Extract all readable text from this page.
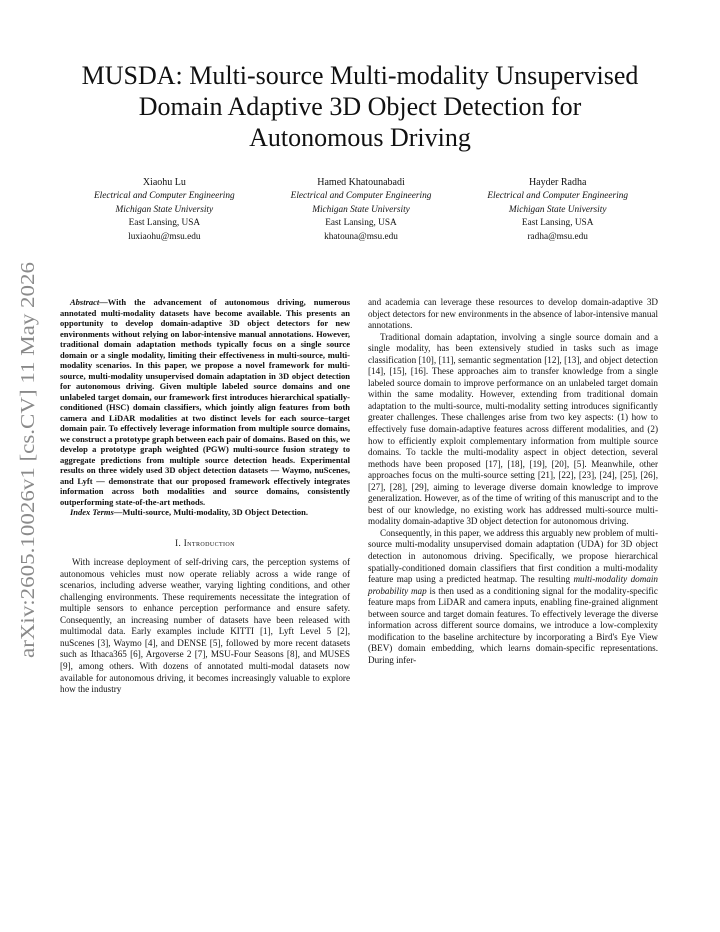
arXiv:2605.10026v1 [cs.CV] 11 May 2026
MUSDA: Multi-source Multi-modality Unsupervised Domain Adaptive 3D Object Detection for Autonomous Driving
Xiaohu Lu
Electrical and Computer Engineering
Michigan State University
East Lansing, USA
luxiaohu@msu.edu
Hamed Khatounabadi
Electrical and Computer Engineering
Michigan State University
East Lansing, USA
khatouna@msu.edu
Hayder Radha
Electrical and Computer Engineering
Michigan State University
East Lansing, USA
radha@msu.edu

Abstract—With the advancement of autonomous driving, numerous annotated multi-modality datasets have become available. This presents an opportunity to develop domain-adaptive 3D object detectors for new environments without relying on labor-intensive manual annotations. However, traditional domain adaptation methods typically focus on a single source domain or a single modality, limiting their effectiveness in multi-source, multi-modality scenarios. In this paper, we propose a novel framework for multi-source, multi-modality unsupervised domain adaptation in 3D object detection for autonomous driving. Given multiple labeled source domains and one unlabeled target domain, our framework first introduces hierarchical spatially-conditioned (HSC) domain classifiers, which jointly align features from both camera and LiDAR modalities at two distinct levels for each source–target domain pair. To effectively leverage information from multiple source domains, we construct a prototype graph between each pair of domains. Based on this, we develop a prototype graph weighted (PGW) multi-source fusion strategy to aggregate predictions from multiple source detection heads. Experimental results on three widely used 3D object detection datasets — Waymo, nuScenes, and Lyft — demonstrate that our proposed framework effectively integrates information across both modalities and source domains, consistently outperforming state-of-the-art methods.

Index Terms—Multi-source, Multi-modality, 3D Object Detection.

I. Introduction

With increase deployment of self-driving cars, the perception systems of autonomous vehicles must now operate reliably across a wide range of scenarios, including adverse weather, varying lighting conditions, and other challenging environments. These requirements necessitate the integration of multiple sensors to enhance perception performance and ensure safety. Consequently, an increasing number of datasets have been released with multimodal data. Early examples include KITTI [1], Lyft Level 5 [2], nuScenes [3], Waymo [4], and DENSE [5], followed by more recent datasets such as Ithaca365 [6], Argoverse 2 [7], MSU-Four Seasons [8], and MUSES [9], among others. With dozens of annotated multi-modal datasets now available for autonomous driving, it becomes increasingly valuable to explore how the industry

and academia can leverage these resources to develop domain-adaptive 3D object detectors for new environments in the absence of labor-intensive manual annotations.

Traditional domain adaptation, involving a single source domain and a single modality, has been extensively studied in tasks such as image classification [10], [11], semantic segmentation [12], [13], and object detection [14], [15], [16]. These approaches aim to transfer knowledge from a single labeled source domain to improve performance on an unlabeled target domain within the same modality. However, extending from traditional domain adaptation to the multi-source, multi-modality setting introduces significantly greater challenges. These challenges arise from two key aspects: (1) how to effectively fuse domain-adaptive features across different modalities, and (2) how to efficiently exploit complementary information from multiple source domains. To tackle the multi-modality aspect in object detection, several methods have been proposed [17], [18], [19], [20], [5]. Meanwhile, other approaches focus on the multi-source setting [21], [22], [23], [24], [25], [26], [27], [28], [29], aiming to leverage diverse domain knowledge to improve generalization. However, as of the time of writing of this manuscript and to the best of our knowledge, no existing work has addressed multi-source multi-modality domain-adaptive 3D object detection for autonomous driving.

Consequently, in this paper, we address this arguably new problem of multi-source multi-modality unsupervised domain adaptation (UDA) for 3D object detection in autonomous driving. Specifically, we propose hierarchical spatially-conditioned domain classifiers that first condition a multi-modality feature map using a predicted heatmap. The resulting multi-modality domain probability map is then used as a conditioning signal for the modality-specific feature maps from LiDAR and camera inputs, enabling fine-grained alignment between source and target domain features. To effectively leverage the diverse information across different source domains, we introduce a low-complexity modification to the baseline architecture by incorporating a Bird's Eye View (BEV) domain embedding, which learns domain-specific representations. During infer-
